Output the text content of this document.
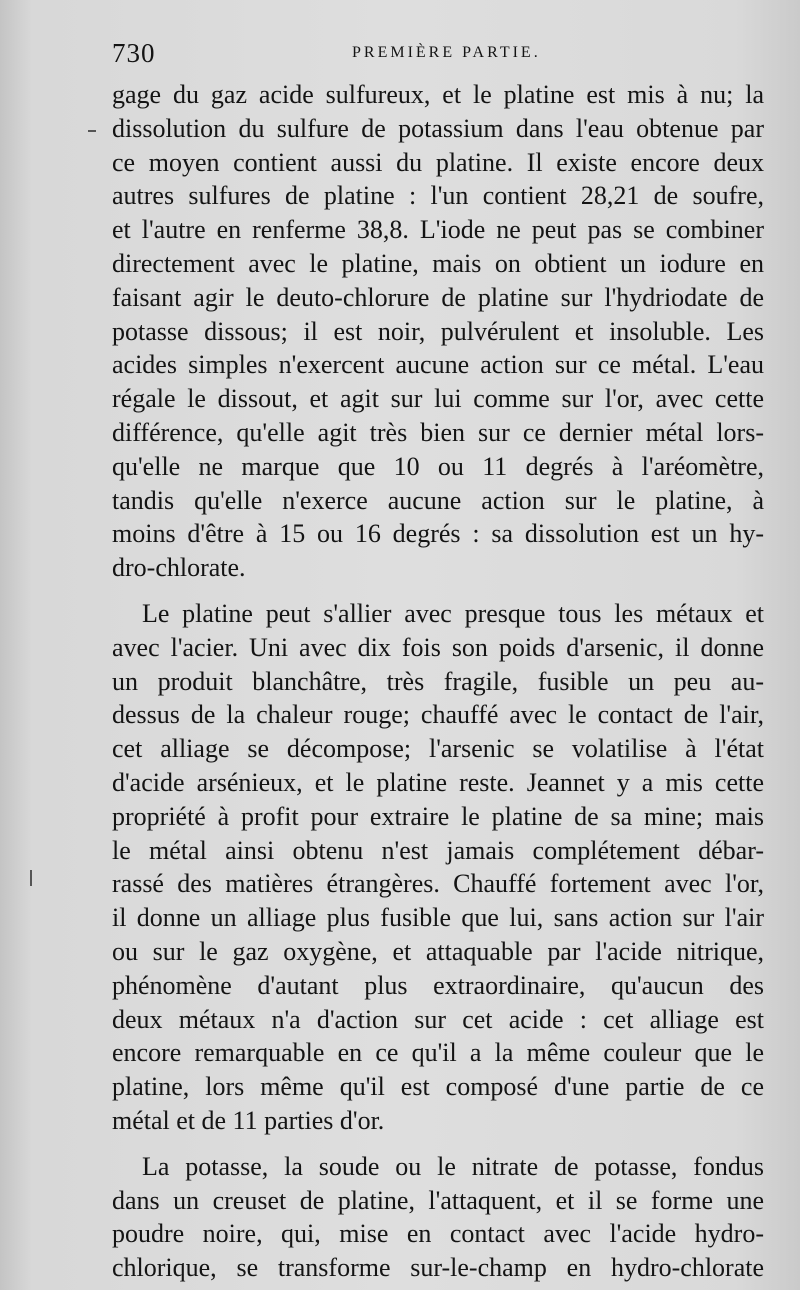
730	PREMIÈRE PARTIE.
gage du gaz acide sulfureux, et le platine est mis à nu; la
dissolution du sulfure de potassium dans l'eau obtenue par
ce moyen contient aussi du platine. Il existe encore deux
autres sulfures de platine : l'un contient 28,21 de soufre,
et l'autre en renferme 38,8. L'iode ne peut pas se combiner
directement avec le platine, mais on obtient un iodure en
faisant agir le deuto-chlorure de platine sur l'hydriodate de
potasse dissous; il est noir, pulvérulent et insoluble. Les
acides simples n'exercent aucune action sur ce métal. L'eau
régale le dissout, et agit sur lui comme sur l'or, avec cette
différence, qu'elle agit très bien sur ce dernier métal lors-
qu'elle ne marque que 10 ou 11 degrés à l'aréomètre,
tandis qu'elle n'exerce aucune action sur le platine, à
moins d'être à 15 ou 16 degrés : sa dissolution est un hy-
dro-chlorate.
Le platine peut s'allier avec presque tous les métaux et
avec l'acier. Uni avec dix fois son poids d'arsenic, il donne
un produit blanchâtre, très fragile, fusible un peu au-
dessus de la chaleur rouge; chauffé avec le contact de l'air,
cet alliage se décompose; l'arsenic se volatilise à l'état
d'acide arsénieux, et le platine reste. Jeannet y a mis cette
propriété à profit pour extraire le platine de sa mine; mais
le métal ainsi obtenu n'est jamais complétement débar-
rassé des matières étrangères. Chauffé fortement avec l'or,
il donne un alliage plus fusible que lui, sans action sur l'air
ou sur le gaz oxygène, et attaquable par l'acide nitrique,
phénomène d'autant plus extraordinaire, qu'aucun des
deux métaux n'a d'action sur cet acide : cet alliage est
encore remarquable en ce qu'il a la même couleur que le
platine, lors même qu'il est composé d'une partie de ce
métal et de 11 parties d'or.
La potasse, la soude ou le nitrate de potasse, fondus
dans un creuset de platine, l'attaquent, et il se forme une
poudre noire, qui, mise en contact avec l'acide hydro-
chlorique, se transforme sur-le-champ en hydro-chlorate
